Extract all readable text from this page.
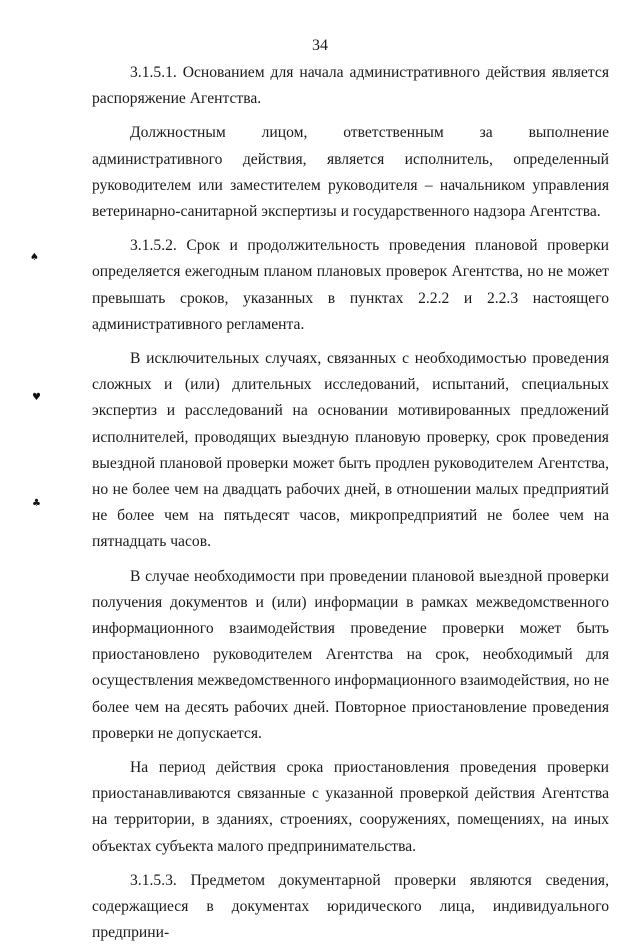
34
♠
♥
♣

3.1.5.1. Основанием для начала административного действия является распоряжение Агентства.

Должностным лицом, ответственным за выполнение административного действия, является исполнитель, определенный руководителем или заместителем руководителя – начальником управления ветеринарно-санитарной экспертизы и государственного надзора Агентства.

3.1.5.2. Срок и продолжительность проведения плановой проверки определяется ежегодным планом плановых проверок Агентства, но не может превышать сроков, указанных в пунктах 2.2.2 и 2.2.3 настоящего административного регламента.

В исключительных случаях, связанных с необходимостью проведения сложных и (или) длительных исследований, испытаний, специальных экспертиз и расследований на основании мотивированных предложений исполнителей, проводящих выездную плановую проверку, срок проведения выездной плановой проверки может быть продлен руководителем Агентства, но не более чем на двадцать рабочих дней, в отношении малых предприятий не более чем на пятьдесят часов, микропредприятий не более чем на пятнадцать часов.

В случае необходимости при проведении плановой выездной проверки получения документов и (или) информации в рамках межведомственного информационного взаимодействия проведение проверки может быть приостановлено руководителем Агентства на срок, необходимый для осуществления межведомственного информационного взаимодействия, но не более чем на десять рабочих дней. Повторное приостановление проведения проверки не допускается.

На период действия срока приостановления проведения проверки приостанавливаются связанные с указанной проверкой действия Агентства на территории, в зданиях, строениях, сооружениях, помещениях, на иных объектах субъекта малого предпринимательства.

3.1.5.3. Предметом документарной проверки являются сведения, содержащиеся в документах юридического лица, индивидуального предприни-
